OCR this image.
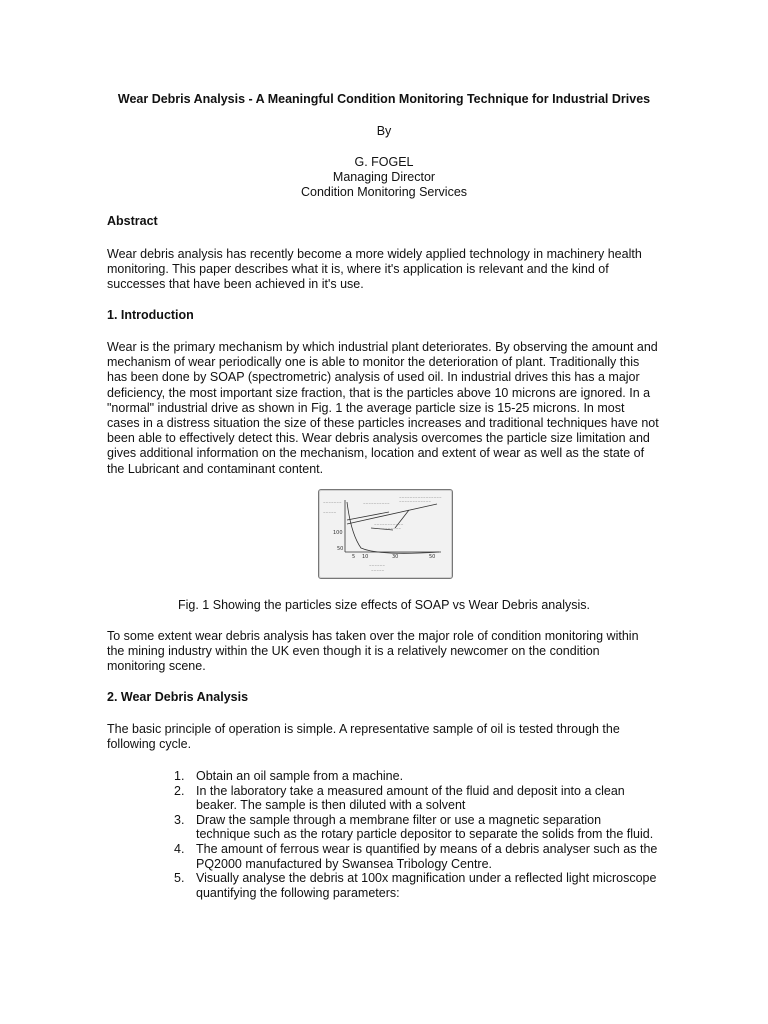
Wear Debris Analysis - A Meaningful Condition Monitoring Technique for Industrial Drives
By
G. FOGEL
Managing Director
Condition Monitoring Services
Abstract
Wear debris analysis has recently become a more widely applied technology in machinery health
monitoring. This paper describes what it is, where it's application is relevant and the kind of
successes that have been achieved in it's use.
1. Introduction
Wear is the primary mechanism by which industrial plant deteriorates. By observing the amount and
mechanism of wear periodically one is able to monitor the deterioration of plant. Traditionally this
has been done by SOAP (spectrometric) analysis of used oil. In industrial drives this has a major
deficiency, the most important size fraction, that is the particles above 10 microns are ignored. In a
"normal" industrial drive as shown in Fig. 1 the average particle size is 15-25 microns. In most
cases in a distress situation the size of these particles increases and traditional techniques have not
been able to effectively detect this. Wear debris analysis overcomes the particle size limitation and
gives additional information on the mechanism, location and extent of wear as well as the state of
the Lubricant and contaminant content.
~~~~~~~~~~~~~~~~
~~~~~~~~~~~~
~~~~~~~~~~
~~~~~~~
~~~~~
~~~~~~~~~~~
~~~~~~~~~
~~~~~~
~~~~~
100
50
5 10	30	50
Fig. 1 Showing the particles size effects of SOAP vs Wear Debris analysis.
To some extent wear debris analysis has taken over the major role of condition monitoring within
the mining industry within the UK even though it is a relatively newcomer on the condition
monitoring scene.
2. Wear Debris Analysis
The basic principle of operation is simple. A representative sample of oil is tested through the
following cycle.
1. Obtain an oil sample from a machine.
2. In the laboratory take a measured amount of the fluid and deposit into a clean
beaker. The sample is then diluted with a solvent
3. Draw the sample through a membrane filter or use a magnetic separation
technique such as the rotary particle depositor to separate the solids from the fluid.
4. The amount of ferrous wear is quantified by means of a debris analyser such as the
PQ2000 manufactured by Swansea Tribology Centre.
5. Visually analyse the debris at 100x magnification under a reflected light microscope
quantifying the following parameters:
